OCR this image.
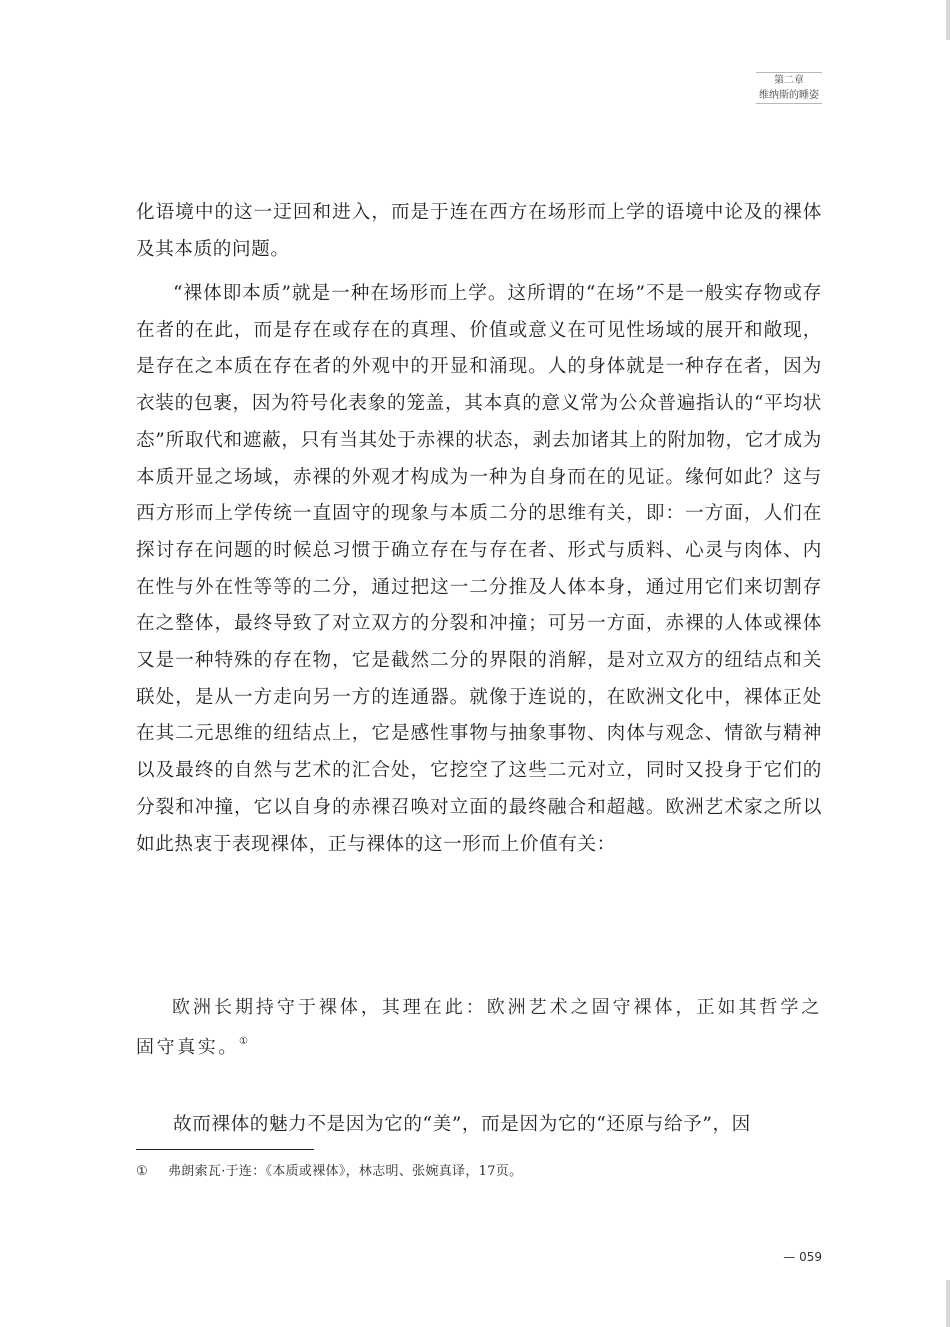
第二章
维纳斯的睡姿

化语境中的这一迂回和进入，而是于连在西方在场形而上学的语境中论及的裸体及其本质的问题。

“裸体即本质”就是一种在场形而上学。这所谓的“在场”不是一般实存物或存在者的在此，而是存在或存在的真理、价值或意义在可见性场域的展开和敞现，是存在之本质在存在者的外观中的开显和涌现。人的身体就是一种存在者，因为衣装的包裹，因为符号化表象的笼盖，其本真的意义常为公众普遍指认的“平均状态”所取代和遮蔽，只有当其处于赤裸的状态，剥去加诸其上的附加物，它才成为本质开显之场域，赤裸的外观才构成为一种为自身而在的见证。缘何如此？这与西方形而上学传统一直固守的现象与本质二分的思维有关，即：一方面，人们在探讨存在问题的时候总习惯于确立存在与存在者、形式与质料、心灵与肉体、内在性与外在性等等的二分，通过把这一二分推及人体本身，通过用它们来切割存在之整体，最终导致了对立双方的分裂和冲撞；可另一方面，赤裸的人体或裸体又是一种特殊的存在物，它是截然二分的界限的消解，是对立双方的纽结点和关联处，是从一方走向另一方的连通器。就像于连说的，在欧洲文化中，裸体正处在其二元思维的纽结点上，它是感性事物与抽象事物、肉体与观念、情欲与精神以及最终的自然与艺术的汇合处，它挖空了这些二元对立，同时又投身于它们的分裂和冲撞，它以自身的赤裸召唤对立面的最终融合和超越。欧洲艺术家之所以如此热衷于表现裸体，正与裸体的这一形而上价值有关：

欧洲长期持守于裸体，其理在此：欧洲艺术之固守裸体，正如其哲学之固守真实。①

故而裸体的魅力不是因为它的“美”，而是因为它的“还原与给予”，因

① 弗朗索瓦·于连：《本质或裸体》，林志明、张婉真译，17页。
— 059
